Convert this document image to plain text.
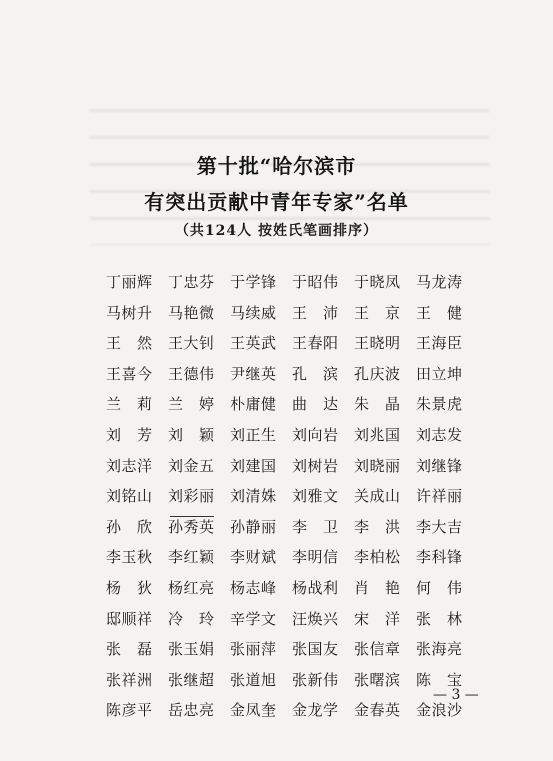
第十批“哈尔滨市
有突出贡献中青年专家”名单
（共124人 按姓氏笔画排序）
丁丽辉	丁忠芬	于学锋	于昭伟	于晓凤	马龙涛
马树升	马艳微	马续威	王　沛	王　京	王　健
王　然	王大钊	王英武	王春阳	王晓明	王海臣
王喜今	王德伟	尹继英	孔　滨	孔庆波	田立坤
兰　莉	兰　婷	朴庸健	曲　达	朱　晶	朱景虎
刘　芳	刘　颖	刘正生	刘向岩	刘兆国	刘志发
刘志洋	刘金五	刘建国	刘树岩	刘晓丽	刘继锋
刘铭山	刘彩丽	刘清姝	刘雅文	关成山	许祥丽
孙　欣	孙秀英	孙静丽	李　卫	李　洪	李大吉
李玉秋	李红颖	李财斌	李明信	李柏松	李科锋
杨　狄	杨红亮	杨志峰	杨战利	肖　艳	何　伟
邸顺祥	冷　玲	辛学文	汪焕兴	宋　洋	张　林
张　磊	张玉娟	张丽萍	张国友	张信章	张海亮
张祥洲	张继超	张道旭	张新伟	张曙滨	陈　宝
陈彦平	岳忠亮	金凤奎	金龙学	金春英	金浪沙
— 3 —
